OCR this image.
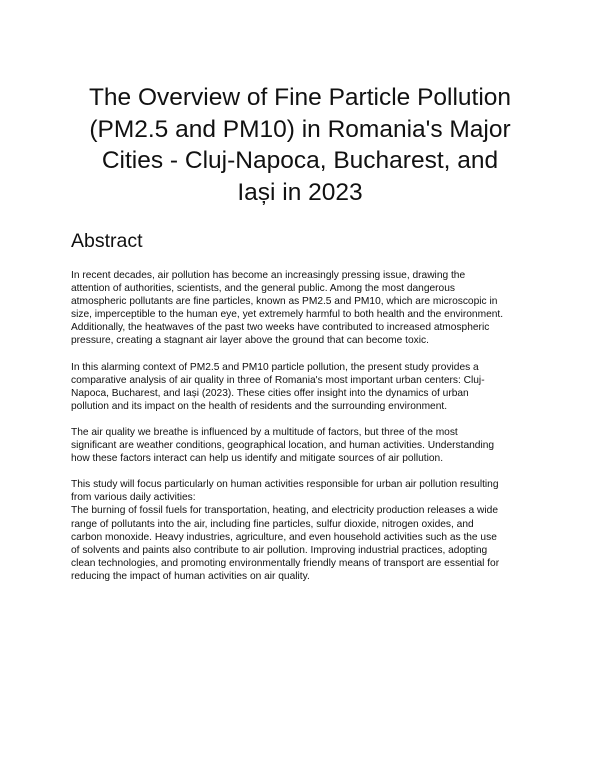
The Overview of Fine Particle Pollution
(PM2.5 and PM10) in Romania's Major
Cities - Cluj-Napoca, Bucharest, and
Iași in 2023
Abstract

In recent decades, air pollution has become an increasingly pressing issue, drawing the
attention of authorities, scientists, and the general public. Among the most dangerous
atmospheric pollutants are fine particles, known as PM2.5 and PM10, which are microscopic in
size, imperceptible to the human eye, yet extremely harmful to both health and the environment.
Additionally, the heatwaves of the past two weeks have contributed to increased atmospheric
pressure, creating a stagnant air layer above the ground that can become toxic.

In this alarming context of PM2.5 and PM10 particle pollution, the present study provides a
comparative analysis of air quality in three of Romania's most important urban centers: Cluj-
Napoca, Bucharest, and Iași (2023). These cities offer insight into the dynamics of urban
pollution and its impact on the health of residents and the surrounding environment.

The air quality we breathe is influenced by a multitude of factors, but three of the most
significant are weather conditions, geographical location, and human activities. Understanding
how these factors interact can help us identify and mitigate sources of air pollution.

This study will focus particularly on human activities responsible for urban air pollution resulting
from various daily activities:

The burning of fossil fuels for transportation, heating, and electricity production releases a wide
range of pollutants into the air, including fine particles, sulfur dioxide, nitrogen oxides, and
carbon monoxide. Heavy industries, agriculture, and even household activities such as the use
of solvents and paints also contribute to air pollution. Improving industrial practices, adopting
clean technologies, and promoting environmentally friendly means of transport are essential for
reducing the impact of human activities on air quality.
